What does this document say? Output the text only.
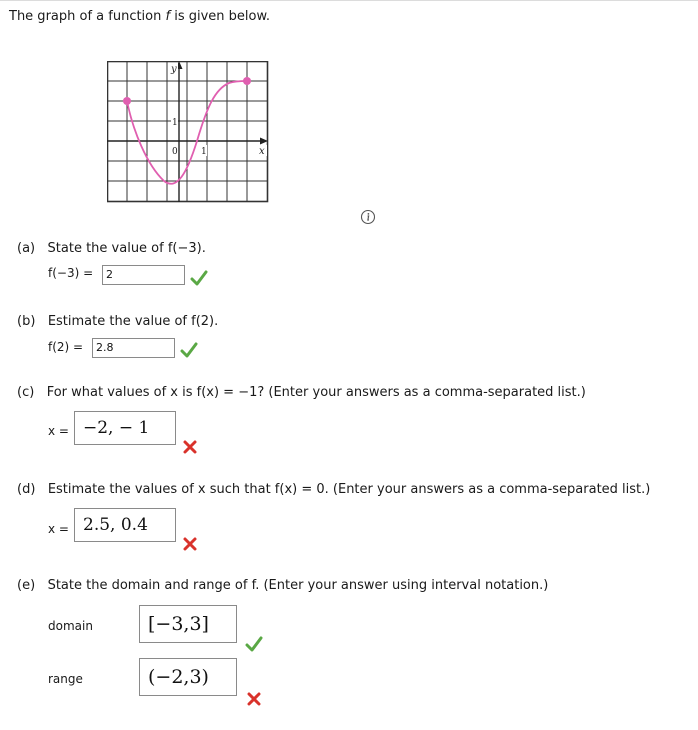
The graph of a function f is given below.
y
x
1
0	1
(a) State the value of f(−3).
f(−3) =	2
(b) Estimate the value of f(2).
f(2) =	2.8
(c) For what values of x is f(x) = −1? (Enter your answers as a comma-separated list.)
x = −2, − 1
(d) Estimate the values of x such that f(x) = 0. (Enter your answers as a comma-separated list.)
x = 2.5, 0.4
(e) State the domain and range of f. (Enter your answer using interval notation.)
domain	[−3,3]
range	(−2,3)
